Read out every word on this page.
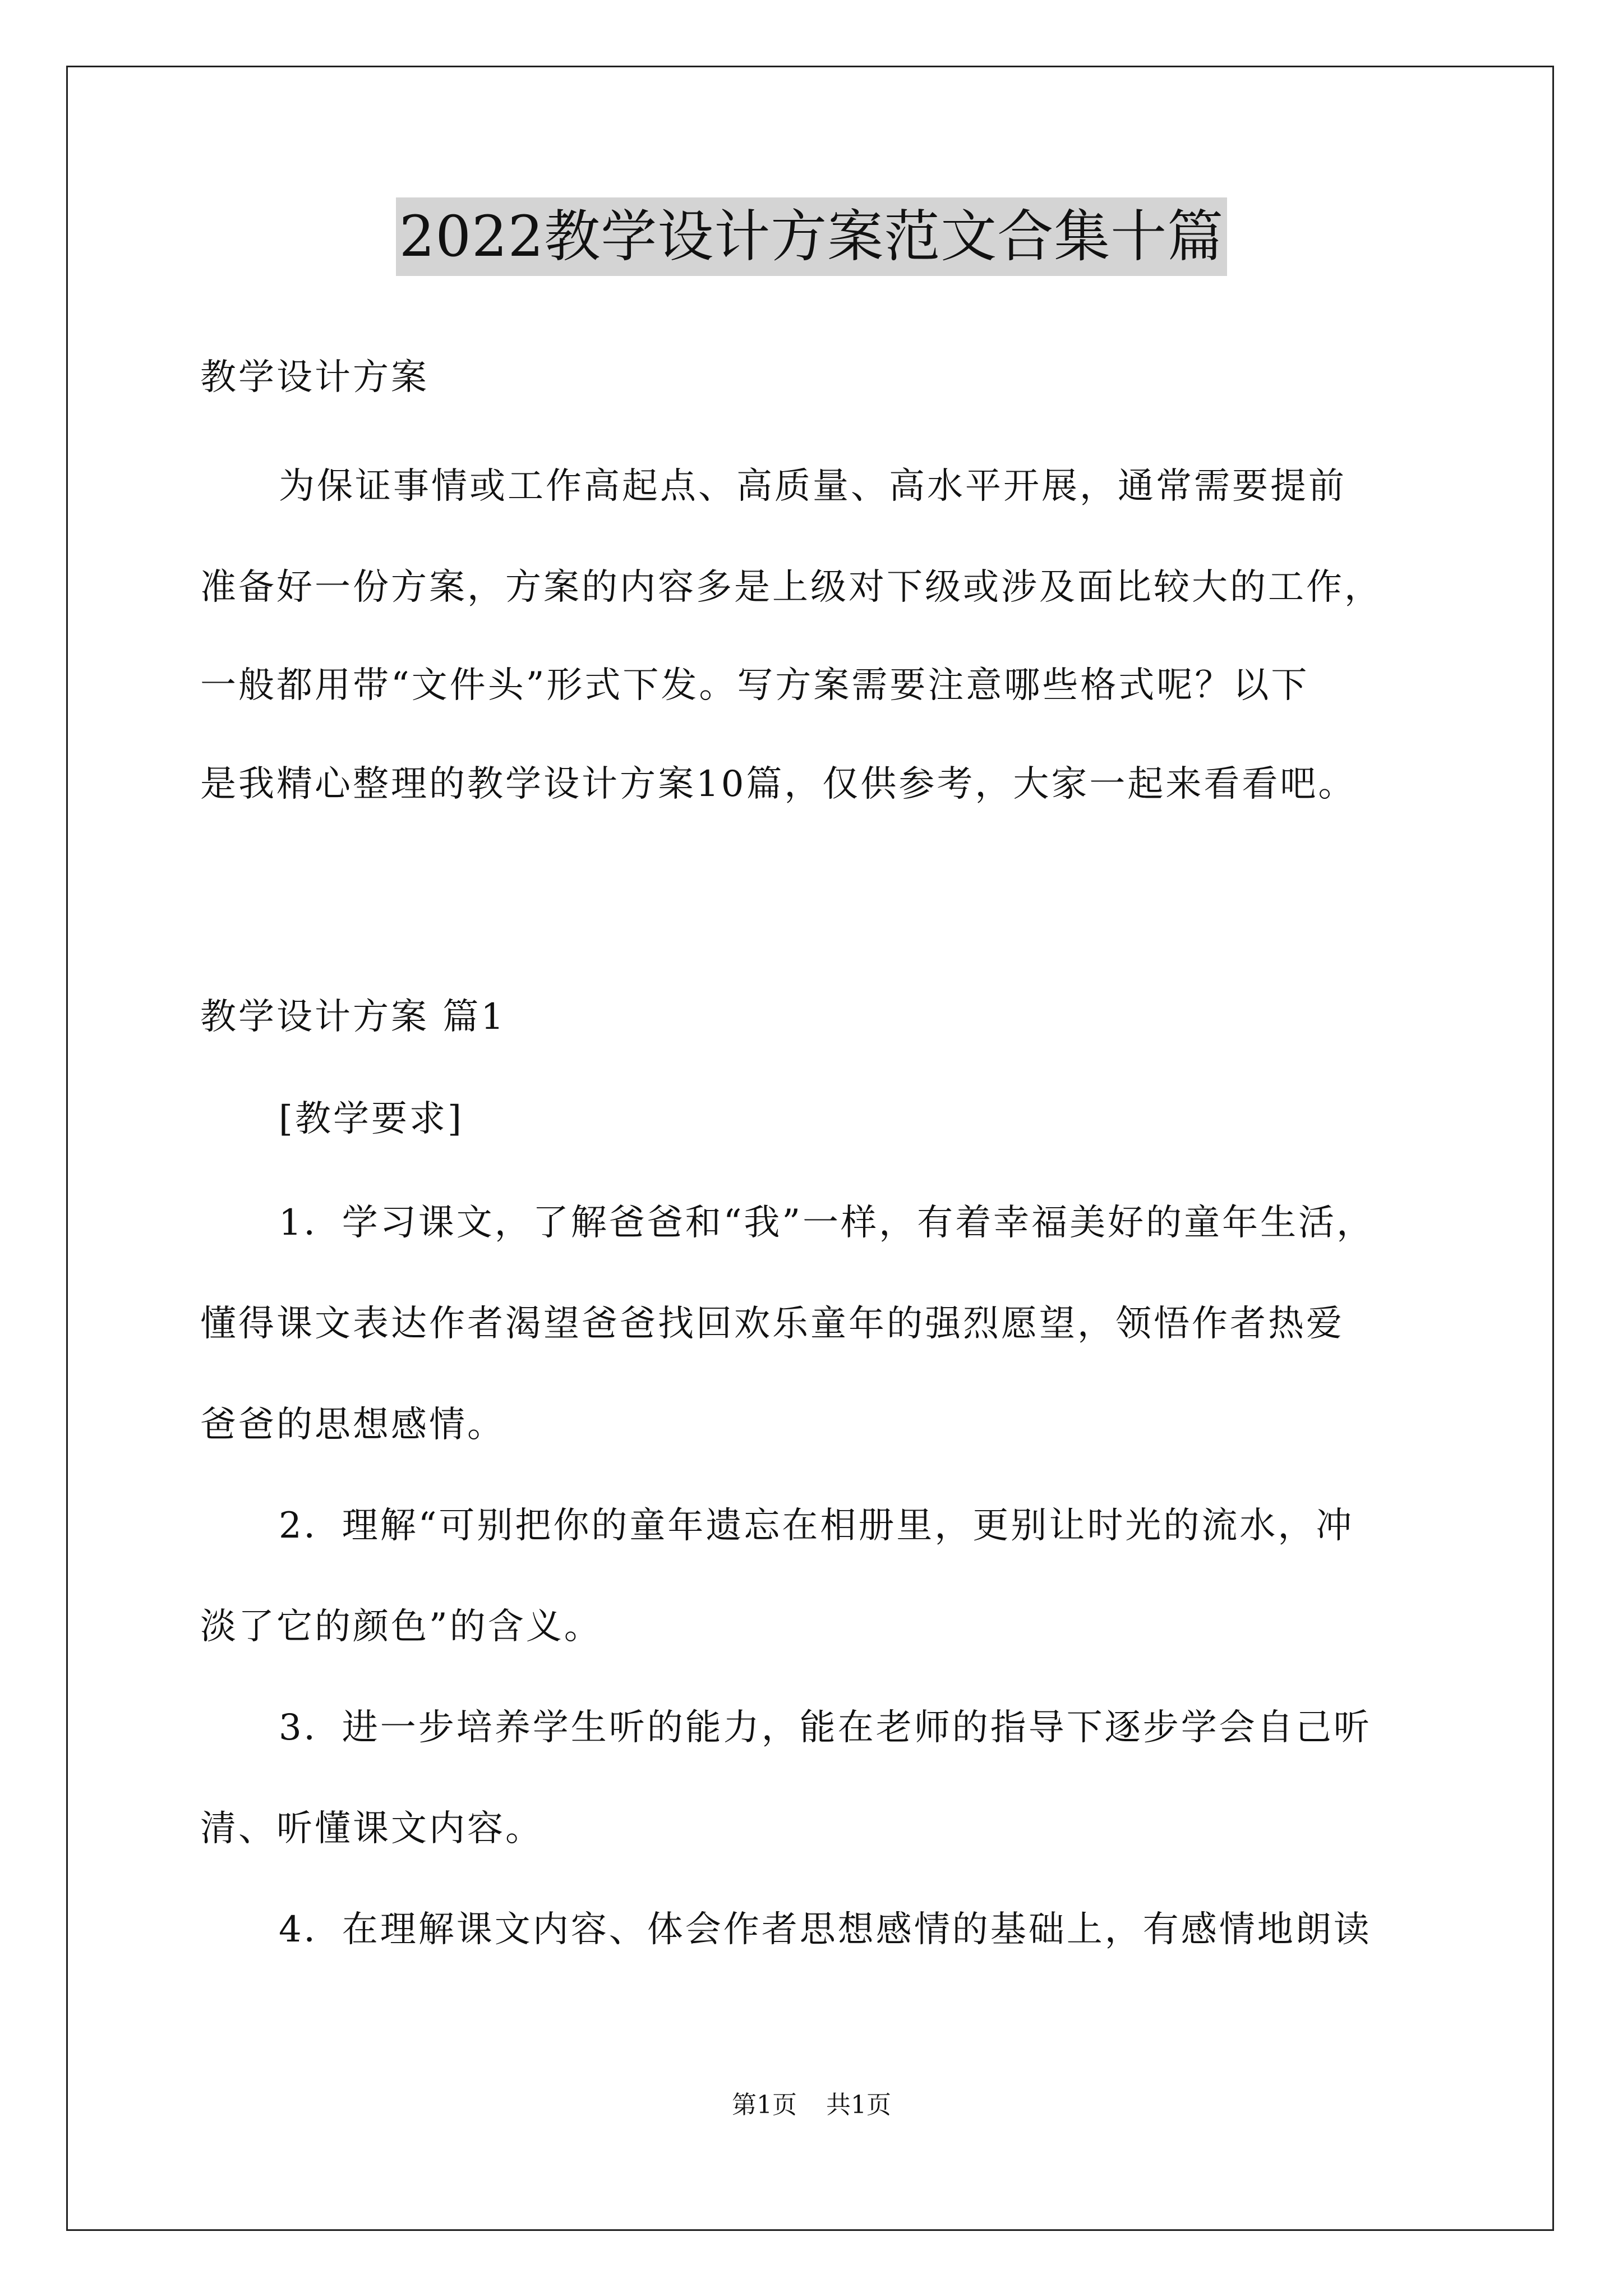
2022教学设计方案范文合集十篇
教学设计方案
为保证事情或工作高起点、高质量、高水平开展，通常需要提前
准备好一份方案，方案的内容多是上级对下级或涉及面比较大的工作，
一般都用带“文件头”形式下发。写方案需要注意哪些格式呢？以下
是我精心整理的教学设计方案10篇，仅供参考，大家一起来看看吧。
教学设计方案 篇1
[教学要求]
1．学习课文，了解爸爸和“我”一样，有着幸福美好的童年生活，
懂得课文表达作者渴望爸爸找回欢乐童年的强烈愿望，领悟作者热爱
爸爸的思想感情。
2．理解“可别把你的童年遗忘在相册里，更别让时光的流水，冲
淡了它的颜色”的含义。
3．进一步培养学生听的能力，能在老师的指导下逐步学会自己听
清、听懂课文内容。
4．在理解课文内容、体会作者思想感情的基础上，有感情地朗读
第1页 共1页
